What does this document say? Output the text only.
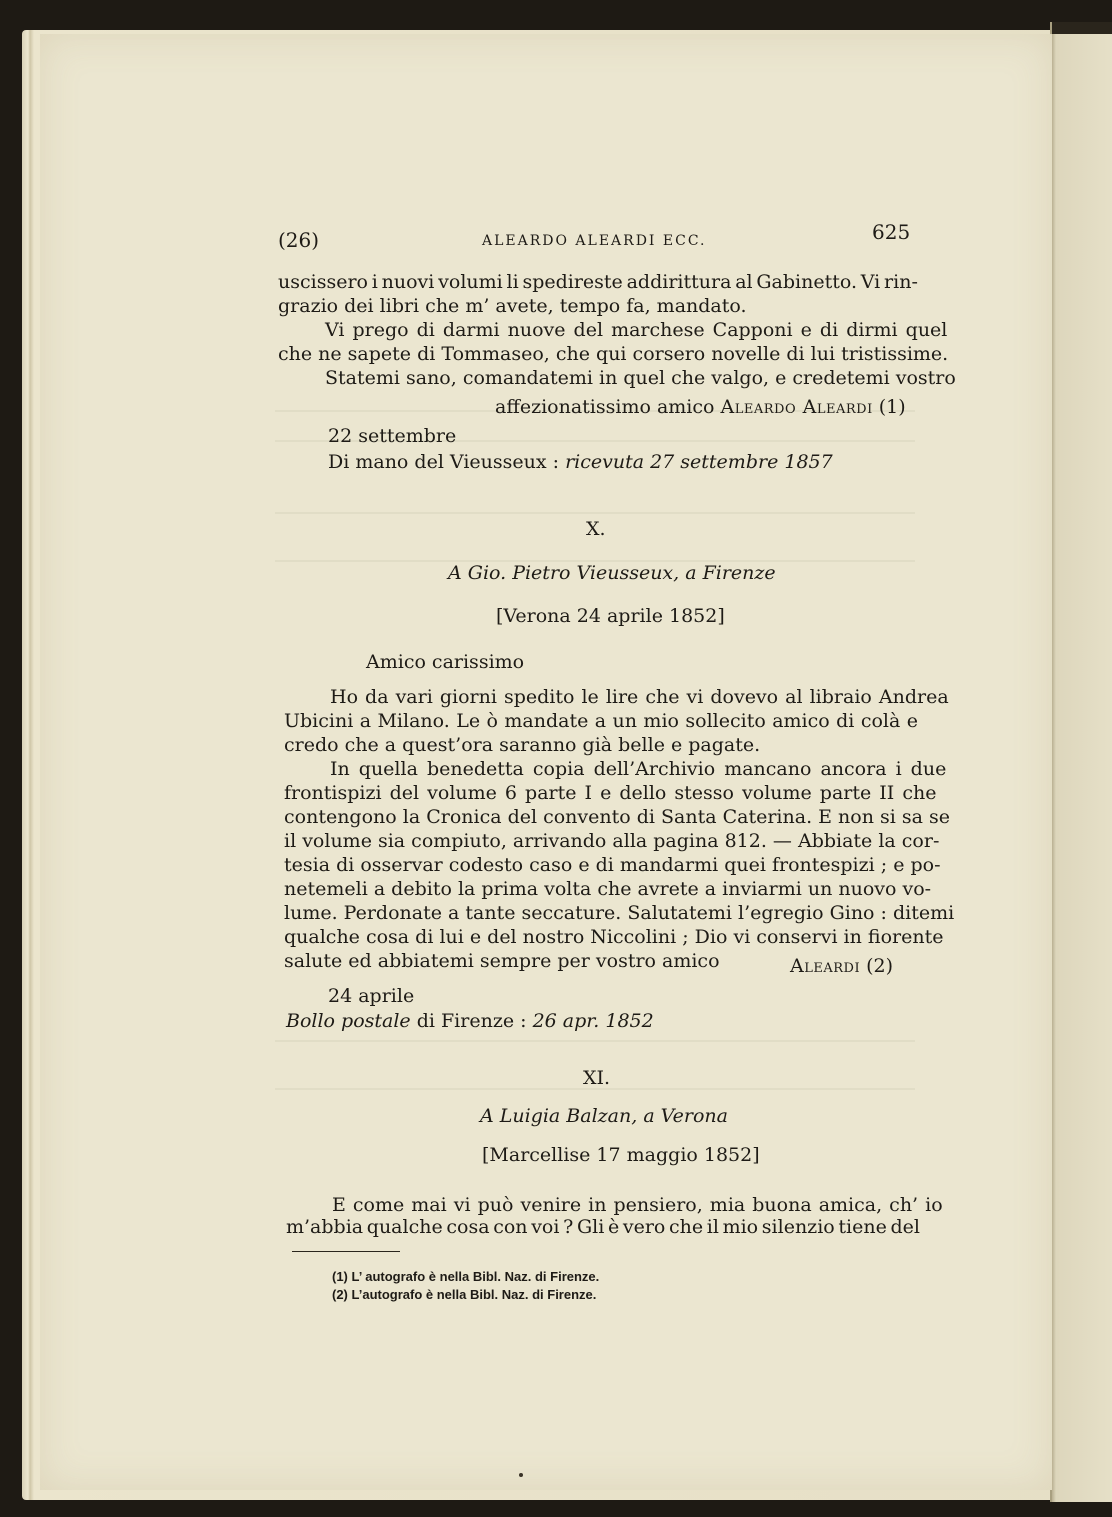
(26)	ALEARDO ALEARDI ECC.	625
uscissero i nuovi volumi li spedireste addirittura al Gabinetto. Vi rin-
grazio dei libri che m’ avete, tempo fa, mandato.
Vi prego di darmi nuove del marchese Capponi e di dirmi quel
che ne sapete di Tommaseo, che qui corsero novelle di lui tristissime.
Statemi sano, comandatemi in quel che valgo, e credetemi vostro
affezionatissimo amico Aleardo Aleardi (1)
22 settembre
Di mano del Vieusseux : ricevuta 27 settembre 1857
X.
A Gio. Pietro Vieusseux, a Firenze
[Verona 24 aprile 1852]
Amico carissimo
Ho da vari giorni spedito le lire che vi dovevo al libraio Andrea
Ubicini a Milano. Le ò mandate a un mio sollecito amico di colà e
credo che a quest’ora saranno già belle e pagate.
In quella benedetta copia dell’Archivio mancano ancora i due
frontispizi del volume 6 parte I e dello stesso volume parte II che
contengono la Cronica del convento di Santa Caterina. E non si sa se
il volume sia compiuto, arrivando alla pagina 812. — Abbiate la cor-
tesia di osservar codesto caso e di mandarmi quei frontespizi ; e po-
netemeli a debito la prima volta che avrete a inviarmi un nuovo vo-
lume. Perdonate a tante seccature. Salutatemi l’egregio Gino : ditemi
qualche cosa di lui e del nostro Niccolini ; Dio vi conservi in fiorente
salute ed abbiatemi sempre per vostro amico	Aleardi (2)
24 aprile
Bollo postale di Firenze : 26 apr. 1852
XI.
A Luigia Balzan, a Verona
[Marcellise 17 maggio 1852]
E come mai vi può venire in pensiero, mia buona amica, ch’ io
m’abbia qualche cosa con voi ? Gli è vero che il mio silenzio tiene del
(1) L’ autografo è nella Bibl. Naz. di Firenze.
(2) L’autografo è nella Bibl. Naz. di Firenze.
